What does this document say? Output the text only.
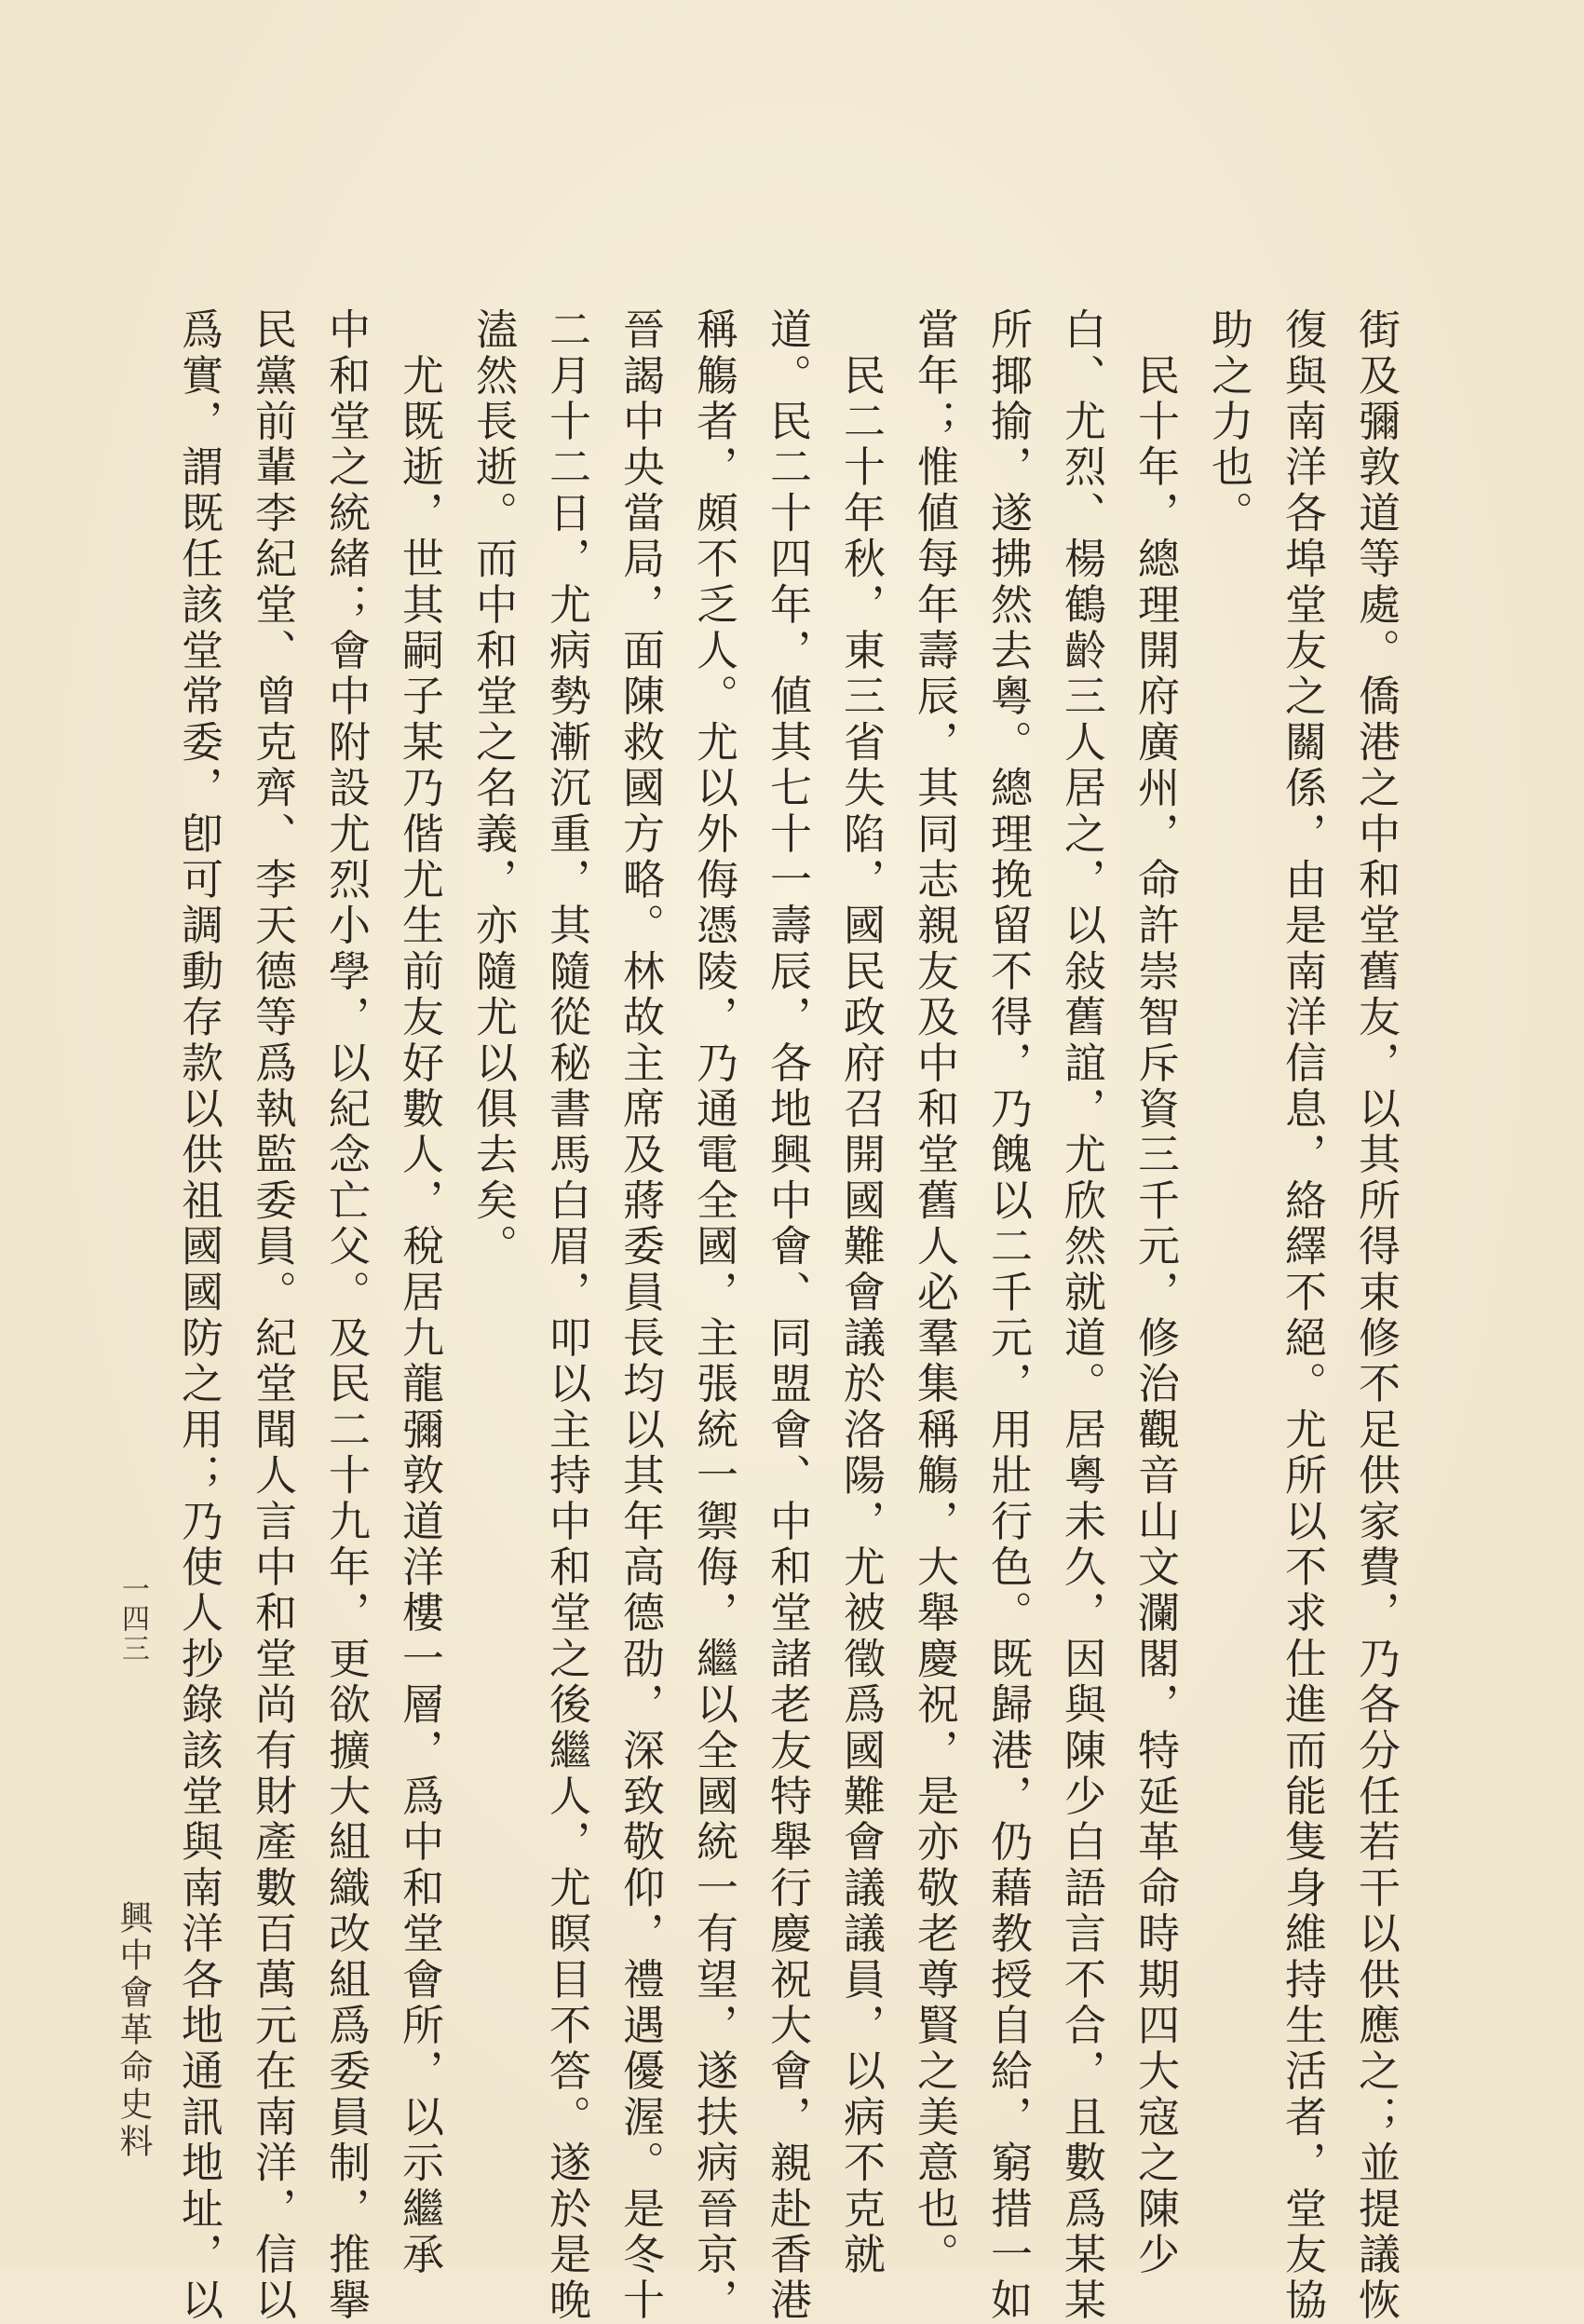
街及彌敦道等處。僑港之中和堂舊友，以其所得束修不足供家費，乃各分任若干以供應之；並提議恢
復與南洋各埠堂友之關係，由是南洋信息，絡繹不絕。尤所以不求仕進而能隻身維持生活者，堂友協
助之力也。
　民十年，總理開府廣州，命許崇智斥資三千元，修治觀音山文瀾閣，特延革命時期四大寇之陳少
白、尤烈、楊鶴齡三人居之，以敍舊誼，尤欣然就道。居粵未久，因與陳少白語言不合，且數爲某某
所揶揄，遂拂然去粵。總理挽留不得，乃餽以二千元，用壯行色。既歸港，仍藉教授自給，窮措一如
當年；惟値每年壽辰，其同志親友及中和堂舊人必羣集稱觴，大舉慶祝，是亦敬老尊賢之美意也。
　民二十年秋，東三省失陷，國民政府召開國難會議於洛陽，尤被徵爲國難會議議員，以病不克就
道。民二十四年，値其七十一壽辰，各地興中會、同盟會、中和堂諸老友特舉行慶祝大會，親赴香港
稱觴者，頗不乏人。尤以外侮憑陵，乃通電全國，主張統一禦侮，繼以全國統一有望，遂扶病晉京，
晉謁中央當局，面陳救國方略。林故主席及蔣委員長均以其年高德劭，深致敬仰，禮遇優渥。是冬十
二月十二日，尤病勢漸沉重，其隨從秘書馬白眉，叩以主持中和堂之後繼人，尤瞑目不答。遂於是晚
溘然長逝。而中和堂之名義，亦隨尤以俱去矣。
　尤既逝，世其嗣子某乃偕尤生前友好數人，稅居九龍彌敦道洋樓一層，爲中和堂會所，以示繼承
中和堂之統緒；會中附設尤烈小學，以紀念亡父。及民二十九年，更欲擴大組織改組爲委員制，推擧
民黨前輩李紀堂、曾克齊、李天德等爲執監委員。紀堂聞人言中和堂尚有財產數百萬元在南洋，信以
爲實，謂既任該堂常委，卽可調動存款以供祖國國防之用；乃使人抄錄該堂與南洋各地通訊地址，以
一四三
興中會革命史料
